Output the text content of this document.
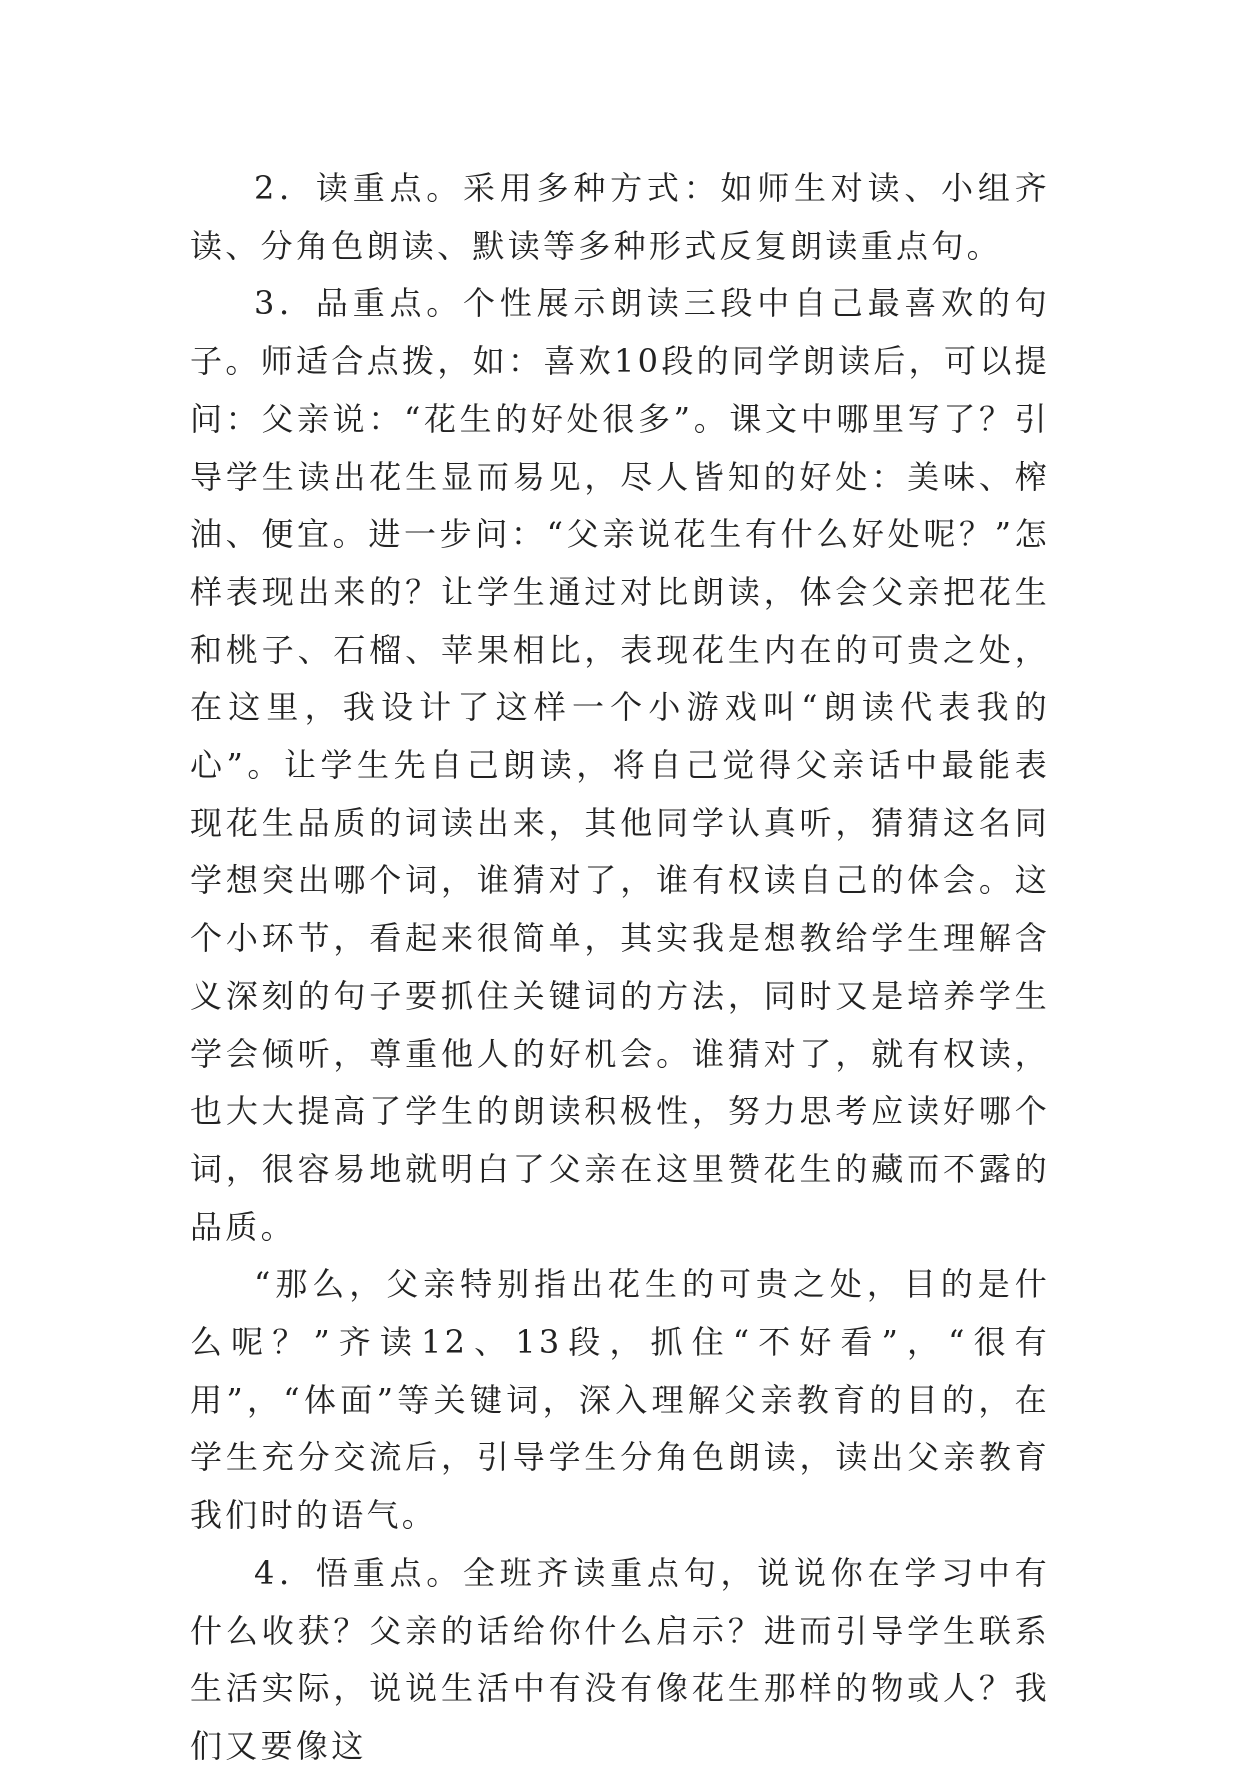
2．读重点。采用多种方式：如师生对读、小组齐读、分角色朗读、默读等多种形式反复朗读重点句。

3．品重点。个性展示朗读三段中自己最喜欢的句子。师适合点拨，如：喜欢10段的同学朗读后，可以提问：父亲说：“花生的好处很多”。课文中哪里写了？引导学生读出花生显而易见，尽人皆知的好处：美味、榨油、便宜。进一步问：“父亲说花生有什么好处呢？”怎样表现出来的？让学生通过对比朗读，体会父亲把花生和桃子、石榴、苹果相比，表现花生内在的可贵之处，在这里，我设计了这样一个小游戏叫“朗读代表我的心”。让学生先自己朗读，将自己觉得父亲话中最能表现花生品质的词读出来，其他同学认真听，猜猜这名同学想突出哪个词，谁猜对了，谁有权读自己的体会。这个小环节，看起来很简单，其实我是想教给学生理解含义深刻的句子要抓住关键词的方法，同时又是培养学生学会倾听，尊重他人的好机会。谁猜对了，就有权读，也大大提高了学生的朗读积极性，努力思考应读好哪个词，很容易地就明白了父亲在这里赞花生的藏而不露的品质。

“那么，父亲特别指出花生的可贵之处，目的是什么呢？”齐读12、13段，抓住“不好看”，“很有用”，“体面”等关键词，深入理解父亲教育的目的，在学生充分交流后，引导学生分角色朗读，读出父亲教育我们时的语气。

4．悟重点。全班齐读重点句，说说你在学习中有什么收获？父亲的话给你什么启示？进而引导学生联系生活实际，说说生活中有没有像花生那样的物或人？我们又要像这
